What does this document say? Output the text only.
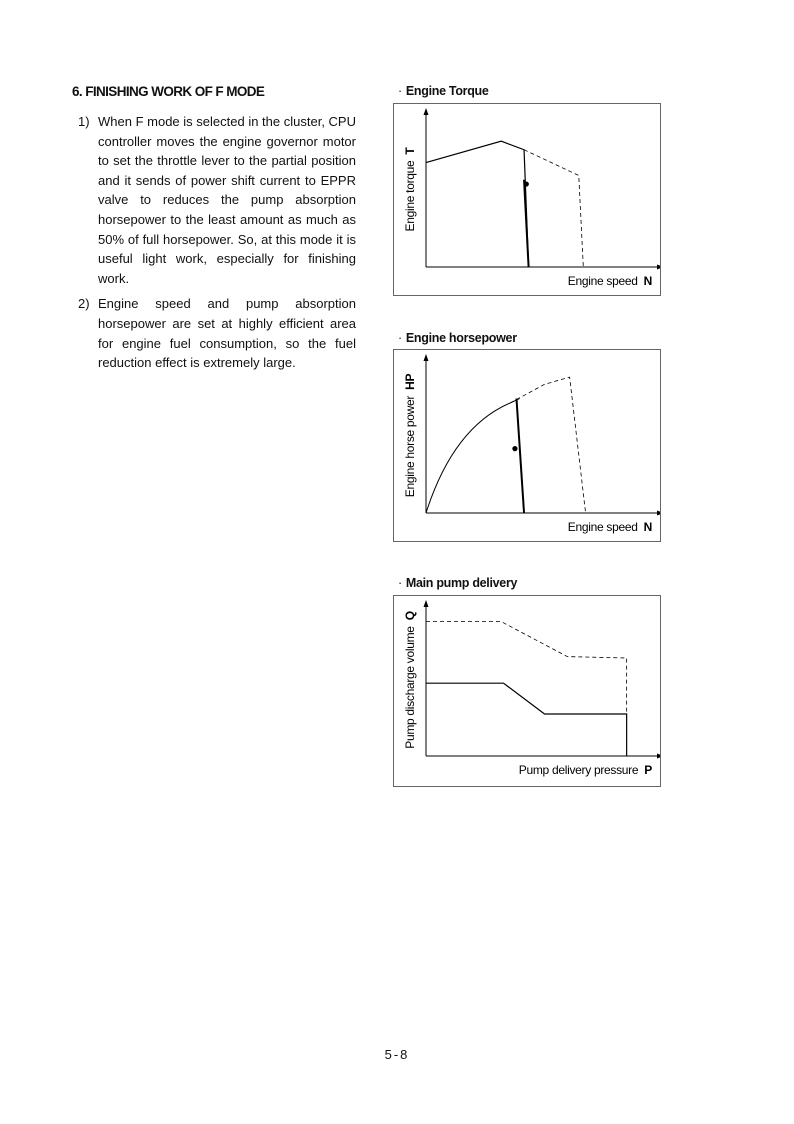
6. FINISHING WORK OF F MODE
1) When F mode is selected in the cluster, CPU controller moves the engine governor motor to set the throttle lever to the partial position and it sends of power shift current to EPPR valve to reduces the pump absorption horsepower to the least amount as much as 50% of full horsepower. So, at this mode it is useful light work, especially for finishing work.
2) Engine speed and pump absorption horsepower are set at highly efficient area for engine fuel consumption, so the fuel reduction effect is extremely large.
· Engine Torque
Engine speed N
Engine torque T
· Engine horsepower
Engine speed N
Engine horse power HP
· Main pump delivery
Pump delivery pressure P
Pump discharge volume Q
5-8
